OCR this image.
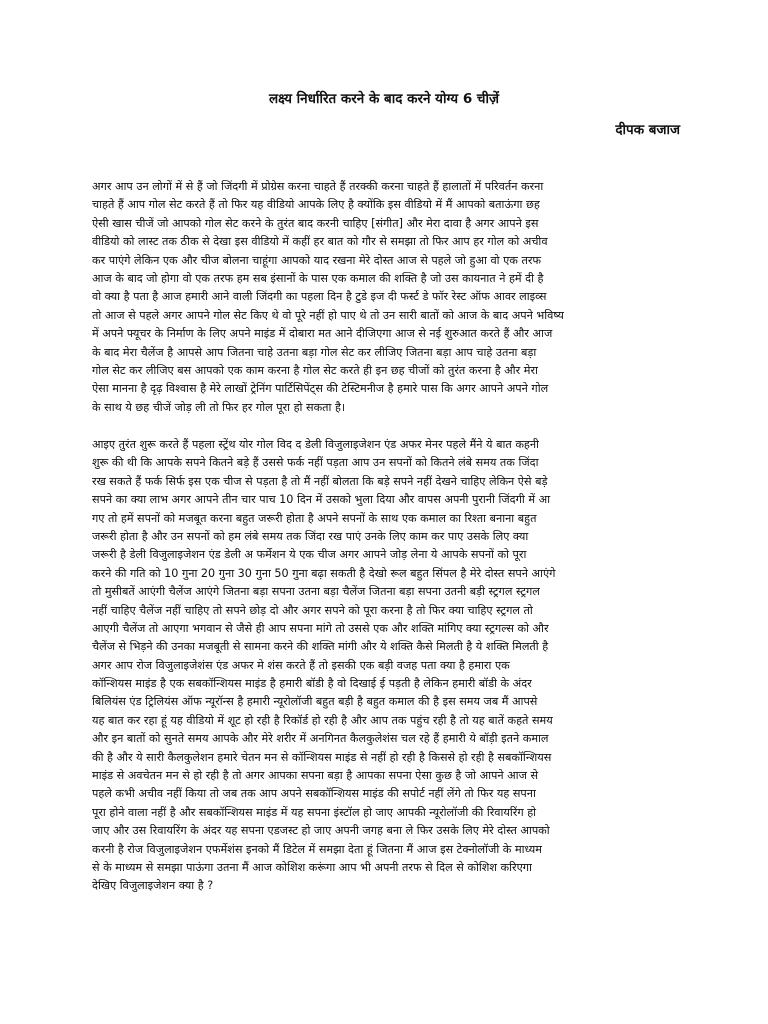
लक्ष्य निर्धारित करने के बाद करने योग्य 6 चीज़ें
दीपक बजाज
अगर आप उन लोगों में से हैं जो जिंदगी में प्रोग्रेस करना चाहते हैं तरक्की करना चाहते हैं हालातों में परिवर्तन करना
चाहते हैं आप गोल सेट करते हैं तो फिर यह वीडियो आपके लिए है क्योंकि इस वीडियो में मैं आपको बताऊंगा छह
ऐसी खास चीजें जो आपको गोल सेट करने के तुरंत बाद करनी चाहिए [संगीत] और मेरा दावा है अगर आपने इस
वीडियो को लास्ट तक ठीक से देखा इस वीडियो में कहीं हर बात को गौर से समझा तो फिर आप हर गोल को अचीव
कर पाएंगे लेकिन एक और चीज बोलना चाहूंगा आपको याद रखना मेरे दोस्त आज से पहले जो हुआ वो एक तरफ
आज के बाद जो होगा वो एक तरफ हम सब इंसानों के पास एक कमाल की शक्ति है जो उस कायनात ने हमें दी है
वो क्या है पता है आज हमारी आने वाली जिंदगी का पहला दिन है टुडे इज दी फर्स्ट डे फॉर रेस्ट ऑफ आवर लाइव्स
तो आज से पहले अगर आपने गोल सेट किए थे वो पूरे नहीं हो पाए थे तो उन सारी बातों को आज के बाद अपने भविष्य
में अपने फ्यूचर के निर्माण के लिए अपने माइंड में दोबारा मत आने दीजिएगा आज से नई शुरुआत करते हैं और आज
के बाद मेरा चैलेंज है आपसे आप जितना चाहे उतना बड़ा गोल सेट कर लीजिए जितना बड़ा आप चाहे उतना बड़ा
गोल सेट कर लीजिए बस आपको एक काम करना है गोल सेट करते ही इन छह चीजों को तुरंत करना है और मेरा
ऐसा मानना है दृढ़ विश्वास है मेरे लाखों ट्रेनिंग पार्टिसिपेंट्स की टेस्टिमनीज है हमारे पास कि अगर आपने अपने गोल
के साथ ये छह चीजें जोड़ ली तो फिर हर गोल पूरा हो सकता है।
आइए तुरंत शुरू करते हैं पहला स्ट्रेंथ योर गोल विद द डेली विजुलाइजेशन एंड अफर मेनर पहले मैंने ये बात कहनी
शुरू की थी कि आपके सपने कितने बड़े हैं उससे फर्क नहीं पड़ता आप उन सपनों को कितने लंबे समय तक जिंदा
रख सकते हैं फर्क सिर्फ इस एक चीज से पड़ता है तो मैं नहीं बोलता कि बड़े सपने नहीं देखने चाहिए लेकिन ऐसे बड़े
सपने का क्या लाभ अगर आपने तीन चार पाच 10 दिन में उसको भुला दिया और वापस अपनी पुरानी जिंदगी में आ
गए तो हमें सपनों को मजबूत करना बहुत जरूरी होता है अपने सपनों के साथ एक कमाल का रिश्ता बनाना बहुत
जरूरी होता है और उन सपनों को हम लंबे समय तक जिंदा रख पाएं उनके लिए काम कर पाए उसके लिए क्या
जरूरी है डेली विजुलाइजेशन एंड डेली अ फर्मेशन ये एक चीज अगर आपने जोड़ लेना ये आपके सपनों को पूरा
करने की गति को 10 गुना 20 गुना 30 गुना 50 गुना बढ़ा सकती है देखो रूल बहुत सिंपल है मेरे दोस्त सपने आएंगे
तो मुसीबतें आएंगी चैलेंज आएंगे जितना बड़ा सपना उतना बड़ा चैलेंज जितना बड़ा सपना उतनी बड़ी स्ट्रगल स्ट्रगल
नहीं चाहिए चैलेंज नहीं चाहिए तो सपने छोड़ दो और अगर सपने को पूरा करना है तो फिर क्या चाहिए स्ट्रगल तो
आएगी चैलेंज तो आएगा भगवान से जैसे ही आप सपना मांगे तो उससे एक और शक्ति मांगिए क्या स्ट्रगल्स को और
चैलेंज से भिड़ने की उनका मजबूती से सामना करने की शक्ति मांगी और ये शक्ति कैसे मिलती है ये शक्ति मिलती है
अगर आप रोज विजुलाइजेशंस एंड अफर मे शंस करते हैं तो इसकी एक बड़ी वजह पता क्या है हमारा एक
कॉन्शियस माइंड है एक सबकॉन्शियस माइंड है हमारी बॉडी है वो दिखाई ई पड़ती है लेकिन हमारी बॉडी के अंदर
बिलियंस एंड ट्रिलियंस ऑफ न्यूरॉन्स है हमारी न्यूरोलॉजी बहुत बड़ी है बहुत कमाल की है इस समय जब मैं आपसे
यह बात कर रहा हूं यह वीडियो में शूट हो रही है रिकॉर्ड हो रही है और आप तक पहुंच रही है तो यह बातें कहते समय
और इन बातों को सुनते समय आपके और मेरे शरीर में अनगिनत कैलकुलेशंस चल रहे हैं हमारी ये बॉड़ी इतने कमाल
की है और ये सारी कैलकुलेशन हमारे चेतन मन से कॉन्शियस माइंड से नहीं हो रही है किससे हो रही है सबकॉन्शियस
माइंड से अवचेतन मन से हो रही है तो अगर आपका सपना बड़ा है आपका सपना ऐसा कुछ है जो आपने आज से
पहले कभी अचीव नहीं किया तो जब तक आप अपने सबकॉन्शियस माइंड की सपोर्ट नहीं लेंगे तो फिर यह सपना
पूरा होने वाला नहीं है और सबकॉन्शियस माइंड में यह सपना इंस्टॉल हो जाए आपकी न्यूरोलॉजी की रिवायरिंग हो
जाए और उस रिवायरिंग के अंदर यह सपना एडजस्ट हो जाए अपनी जगह बना ले फिर उसके लिए मेरे दोस्त आपको
करनी है रोज विजुलाइजेशन एफर्मेशंस इनको मैं डिटेल में समझा देता हूं जितना मैं आज इस टेक्नोलॉजी के माध्यम
से के माध्यम से समझा पाऊंगा उतना मैं आज कोशिश करूंगा आप भी अपनी तरफ से दिल से कोशिश करिएगा
देखिए विजुलाइजेशन क्या है ?
